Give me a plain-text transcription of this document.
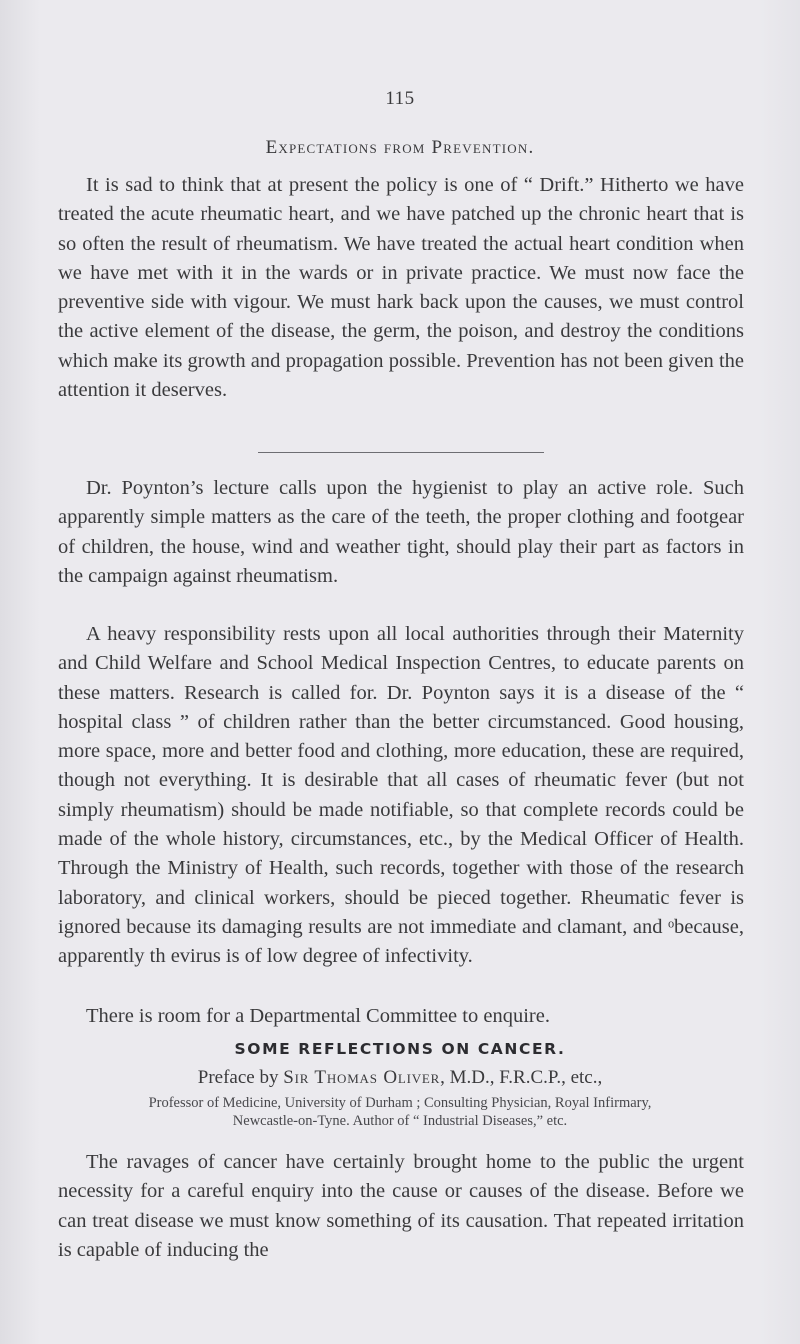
115
Expectations from Prevention.

It is sad to think that at present the policy is one of “ Drift.” Hitherto we have treated the acute rheumatic heart, and we have patched up the chronic heart that is so often the result of rheumatism. We have treated the actual heart condition when we have met with it in the wards or in private practice. We must now face the preventive side with vigour. We must hark back upon the causes, we must control the active element of the disease, the germ, the poison, and destroy the conditions which make its growth and propagation possible. Prevention has not been given the attention it deserves.

Dr. Poynton’s lecture calls upon the hygienist to play an active role. Such apparently simple matters as the care of the teeth, the proper clothing and footgear of children, the house, wind and weather tight, should play their part as factors in the campaign against rheumatism.

A heavy responsibility rests upon all local authorities through their Maternity and Child Welfare and School Medical Inspection Centres, to educate parents on these matters. Research is called for. Dr. Poynton says it is a disease of the “ hospital class ” of children rather than the better circumstanced. Good housing, more space, more and better food and clothing, more education, these are required, though not everything. It is desirable that all cases of rheumatic fever (but not simply rheumatism) should be made notifiable, so that complete records could be made of the whole history, circumstances, etc., by the Medical Officer of Health. Through the Ministry of Health, such records, together with those of the research laboratory, and clinical workers, should be pieced together. Rheumatic fever is ignored because its damaging results are not immediate and clamant, and ᵒbecause, apparently th evirus is of low degree of infectivity.

There is room for a Departmental Committee to enquire.

SOME REFLECTIONS ON CANCER.
Preface by Sir Thomas Oliver, M.D., F.R.C.P., etc.,
Professor of Medicine, University of Durham ; Consulting Physician, Royal Infirmary, Newcastle-on-Tyne. Author of “ Industrial Diseases,” etc.

The ravages of cancer have certainly brought home to the public the urgent necessity for a careful enquiry into the cause or causes of the disease. Before we can treat disease we must know something of its causation. That repeated irritation is capable of inducing the
